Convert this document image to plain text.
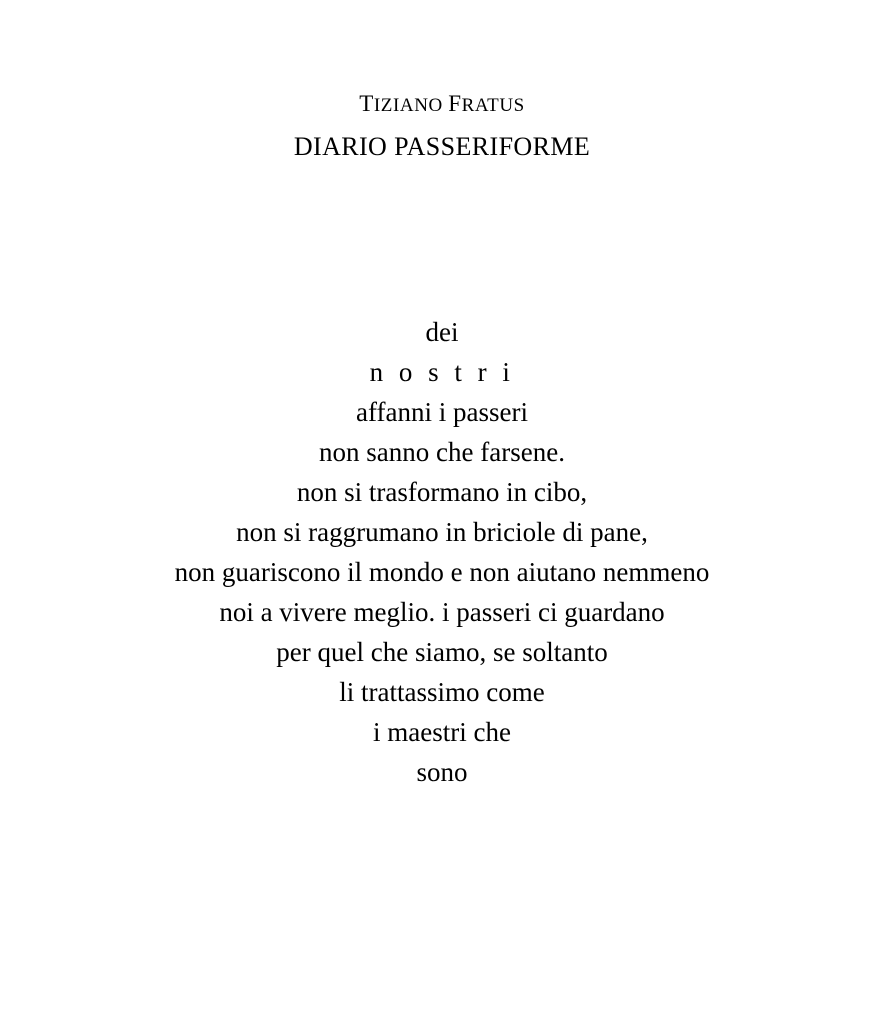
TIZIANO FRATUS
DIARIO PASSERIFORME
dei
n o s t r i
affanni i passeri
non sanno che farsene.
non si trasformano in cibo,
non si raggrumano in briciole di pane,
non guariscono il mondo e non aiutano nemmeno
noi a vivere meglio. i passeri ci guardano
per quel che siamo, se soltanto
li trattassimo come
i maestri che
sono
